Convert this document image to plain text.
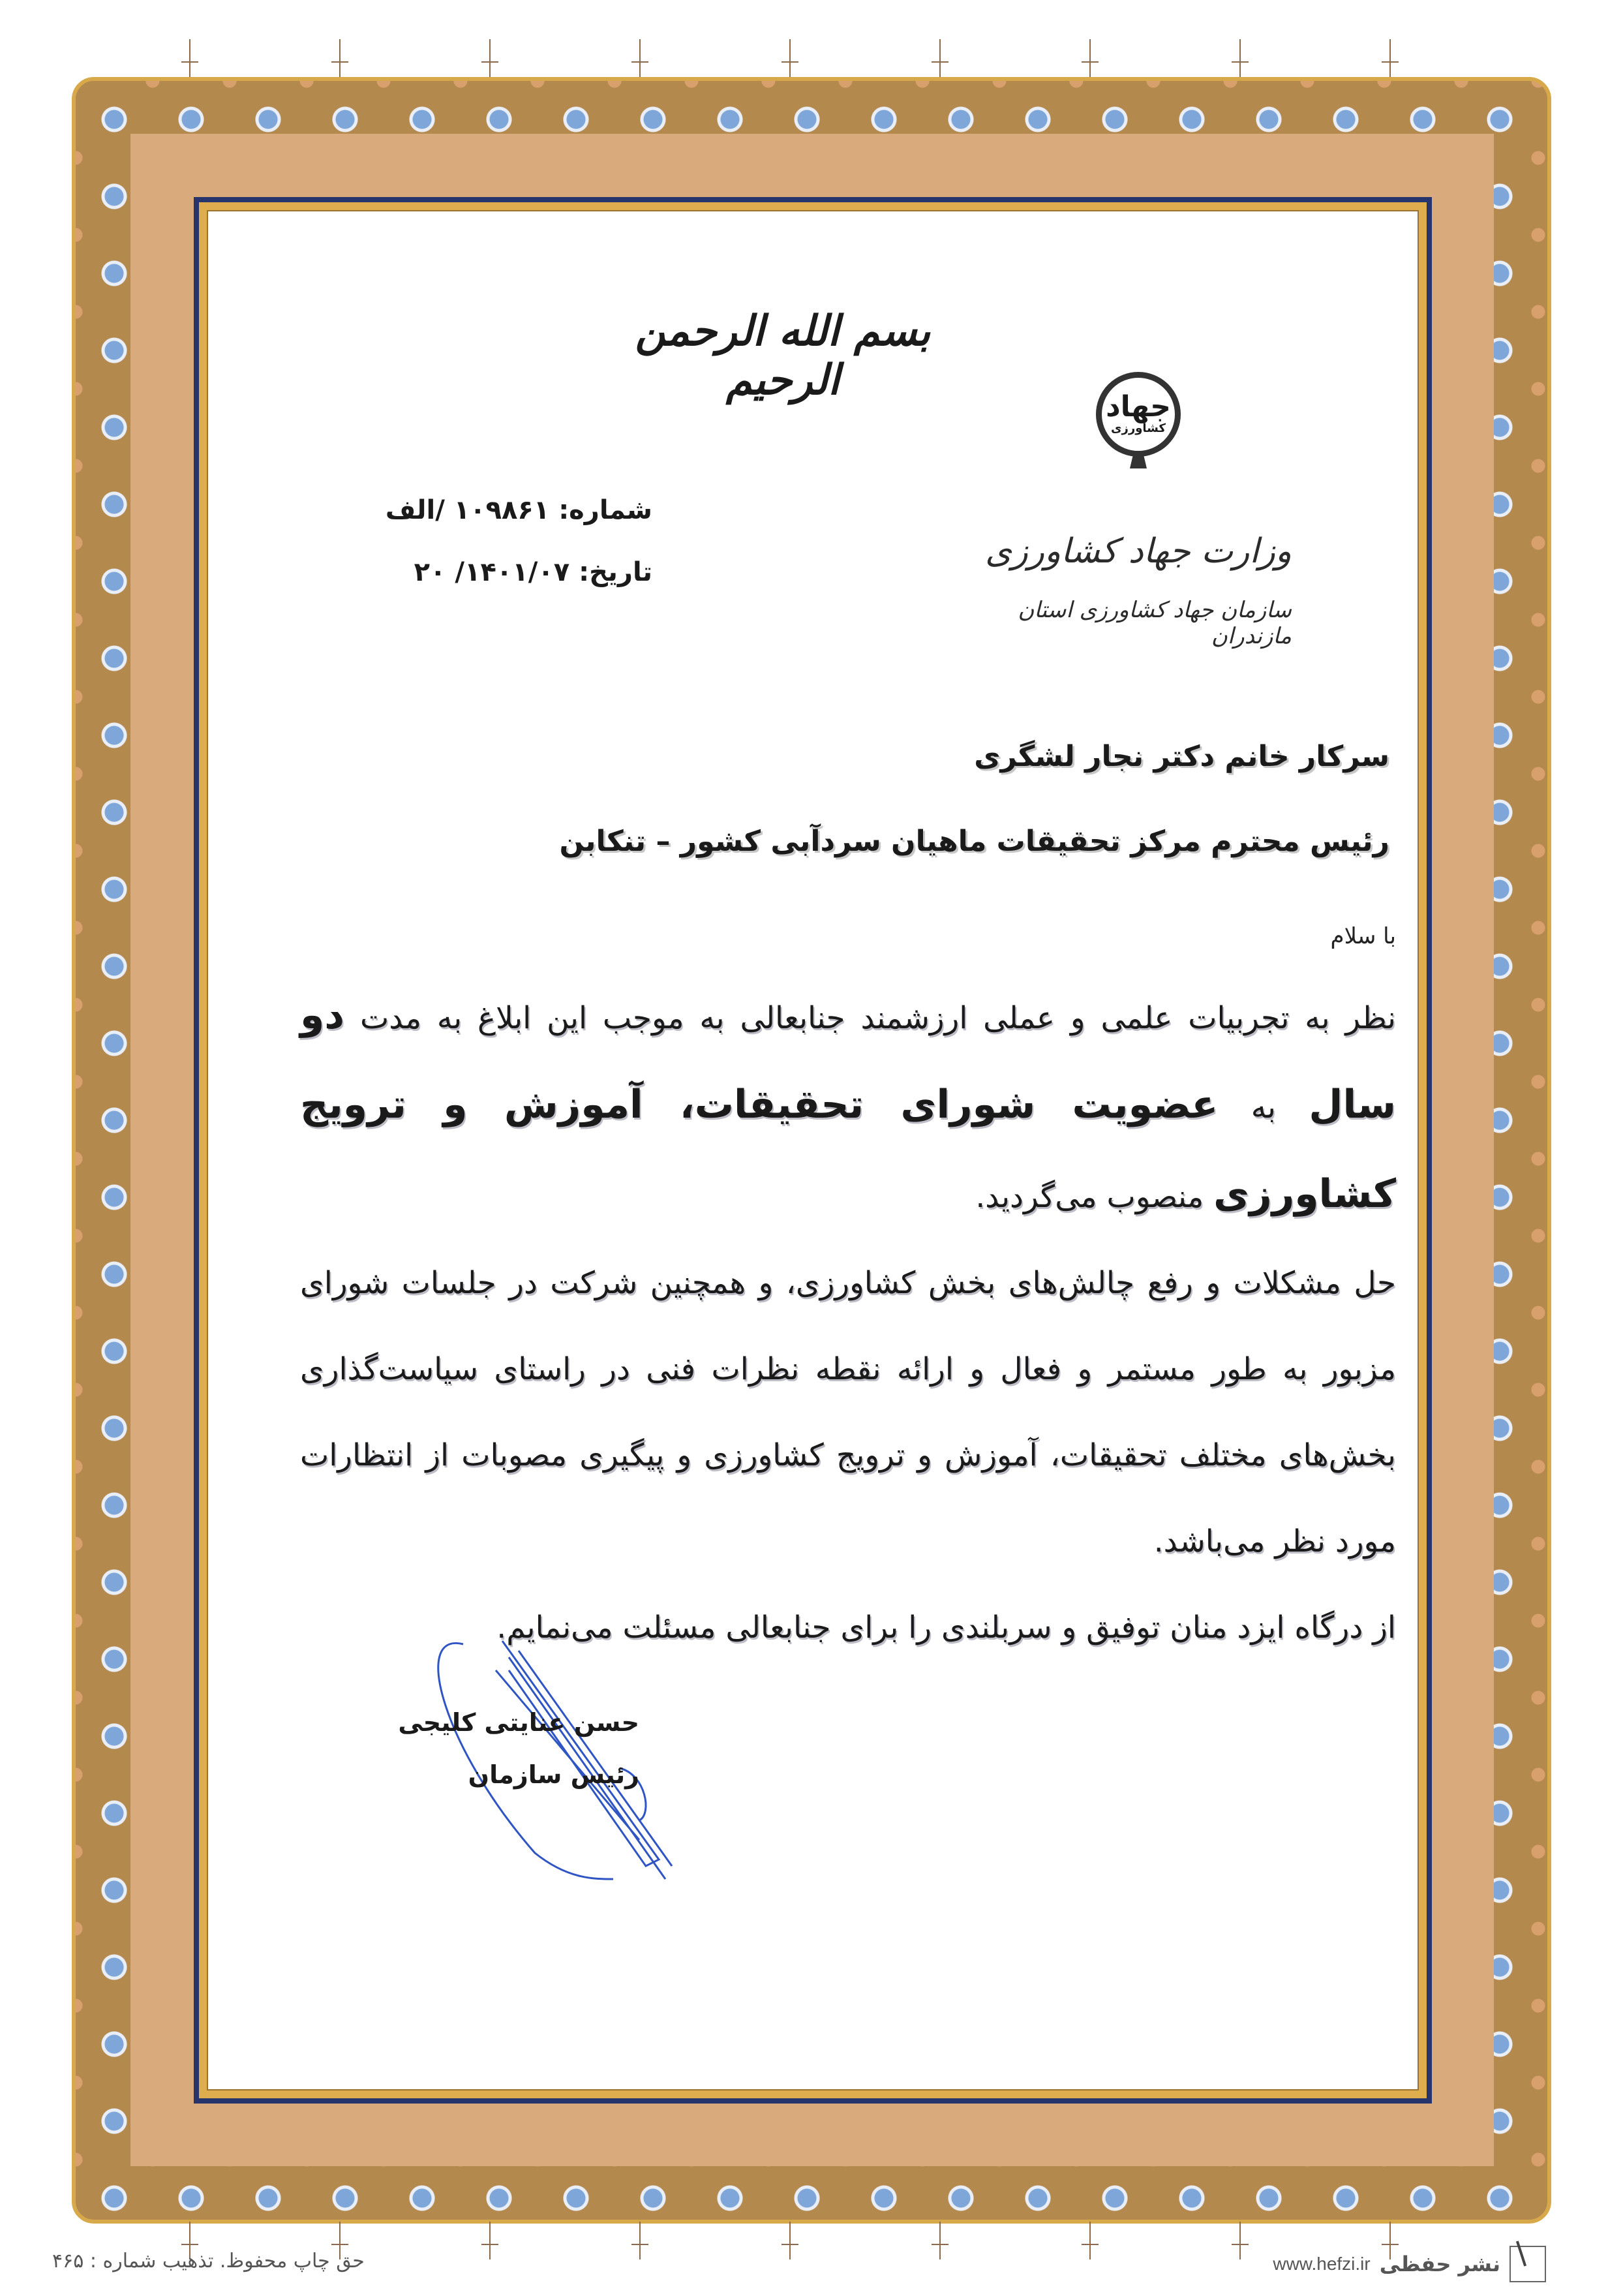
بسم الله الرحمن الرحیم
جهاد
کشاورزی
وزارت جهاد کشاورزی
سازمان جهاد کشاورزی استان مازندران
شماره: ۱۰۹۸۶۱ /الف
تاریخ: ۱۴۰۱/۰۷/ ۲۰
سرکار خانم دکتر نجار لشگری
رئیس محترم مرکز تحقیقات ماهیان سردآبی کشور – تنکابن
با سلام

نظر به تجربیات علمی و عملی ارزشمند جنابعالی به موجب این ابلاغ به مدت دو سال به عضویت شورای تحقیقات، آموزش و ترویج کشاورزی منصوب می‌گردید.

حل مشکلات و رفع چالش‌های بخش کشاورزی، و همچنین شرکت در جلسات شورای مزبور به طور مستمر و فعال و ارائه نقطه نظرات فنی در راستای سیاست‌گذاری بخش‌های مختلف تحقیقات، آموزش و ترویج کشاورزی و پیگیری مصوبات از انتظارات مورد نظر می‌باشد.

از درگاه ایزد منان توفیق و سربلندی را برای جنابعالی مسئلت می‌نمایم.

حسن عنایتی کلیجی
رئیس سازمان
حق چاپ محفوظ. تذهیب شماره : ۴۶۵	www.hefzi.ir نشر حفظی
